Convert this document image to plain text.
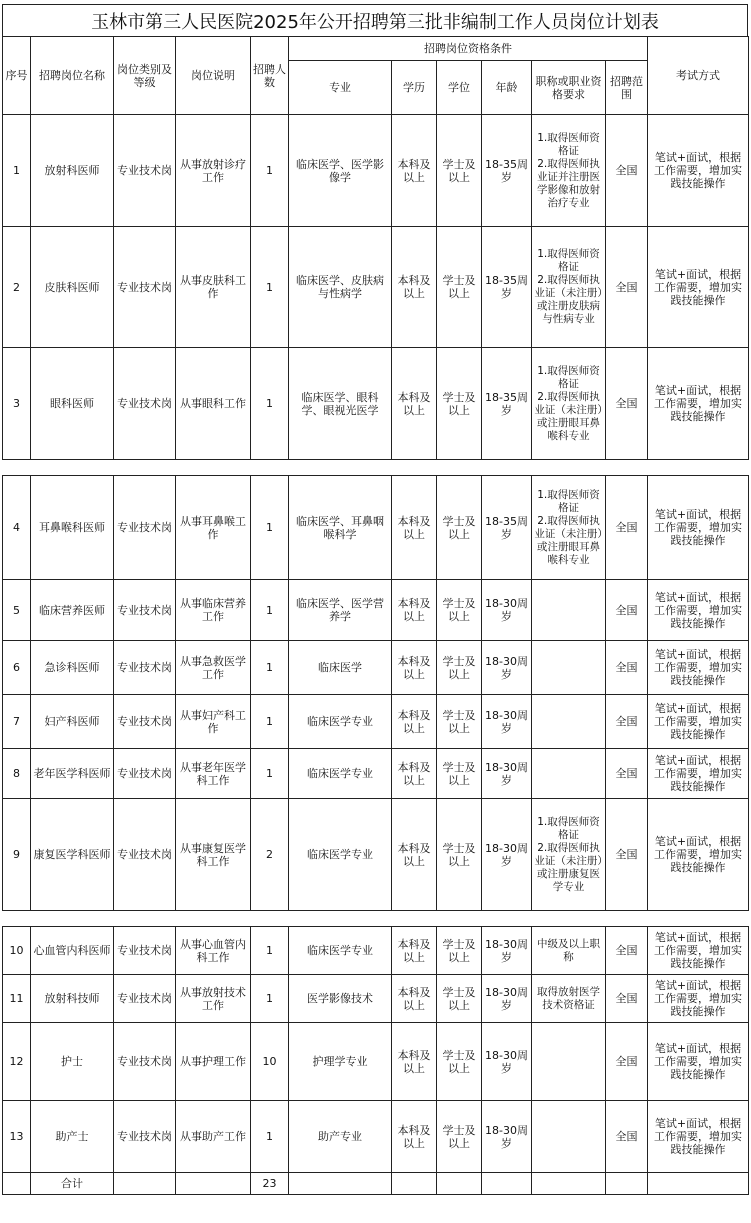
玉林市第三人民医院2025年公开招聘第三批非编制工作人员岗位计划表
序号	招聘岗位名称	岗位类别及等级	岗位说明	招聘人数	招聘岗位资格条件						考试方式
					专业	学历	学位	年龄	职称或职业资格要求	招聘范围	
1	放射科医师	专业技术岗	从事放射诊疗工作	1	临床医学、医学影像学	本科及以上	学士及以上	18-35周岁	1.取得医师资格证
2.取得医师执业证并注册医学影像和放射治疗专业	全国	笔试+面试，根据工作需要，增加实践技能操作
2	皮肤科医师	专业技术岗	从事皮肤科工作	1	临床医学、皮肤病与性病学	本科及以上	学士及以上	18-35周岁	1.取得医师资格证
2.取得医师执业证（未注册）或注册皮肤病与性病专业	全国	笔试+面试，根据工作需要，增加实践技能操作
3	眼科医师	专业技术岗	从事眼科工作	1	临床医学、眼科学、眼视光医学	本科及以上	学士及以上	18-35周岁	1.取得医师资格证
2.取得医师执业证（未注册）或注册眼耳鼻喉科专业	全国	笔试+面试，根据工作需要，增加实践技能操作
4	耳鼻喉科医师	专业技术岗	从事耳鼻喉工作	1	临床医学、耳鼻咽喉科学	本科及以上	学士及以上	18-35周岁	1.取得医师资格证
2.取得医师执业证（未注册）或注册眼耳鼻喉科专业	全国	笔试+面试，根据工作需要，增加实践技能操作
5	临床营养医师	专业技术岗	从事临床营养工作	1	临床医学、医学营养学	本科及以上	学士及以上	18-30周岁		全国	笔试+面试，根据工作需要，增加实践技能操作
6	急诊科医师	专业技术岗	从事急救医学工作	1	临床医学	本科及以上	学士及以上	18-30周岁		全国	笔试+面试，根据工作需要，增加实践技能操作
7	妇产科医师	专业技术岗	从事妇产科工作	1	临床医学专业	本科及以上	学士及以上	18-30周岁		全国	笔试+面试，根据工作需要，增加实践技能操作
8	老年医学科医师	专业技术岗	从事老年医学科工作	1	临床医学专业	本科及以上	学士及以上	18-30周岁		全国	笔试+面试，根据工作需要，增加实践技能操作
9	康复医学科医师	专业技术岗	从事康复医学科工作	2	临床医学专业	本科及以上	学士及以上	18-30周岁	1.取得医师资格证
2.取得医师执业证（未注册）或注册康复医学专业	全国	笔试+面试，根据工作需要，增加实践技能操作
10	心血管内科医师	专业技术岗	从事心血管内科工作	1	临床医学专业	本科及以上	学士及以上	18-30周岁	中级及以上职称	全国	笔试+面试，根据工作需要，增加实践技能操作
11	放射科技师	专业技术岗	从事放射技术工作	1	医学影像技术	本科及以上	学士及以上	18-30周岁	取得放射医学技术资格证	全国	笔试+面试，根据工作需要，增加实践技能操作
12	护士	专业技术岗	从事护理工作	10	护理学专业	本科及以上	学士及以上	18-30周岁		全国	笔试+面试，根据工作需要，增加实践技能操作
13	助产士	专业技术岗	从事助产工作	1	助产专业	本科及以上	学士及以上	18-30周岁		全国	笔试+面试，根据工作需要，增加实践技能操作
	合计			23							
